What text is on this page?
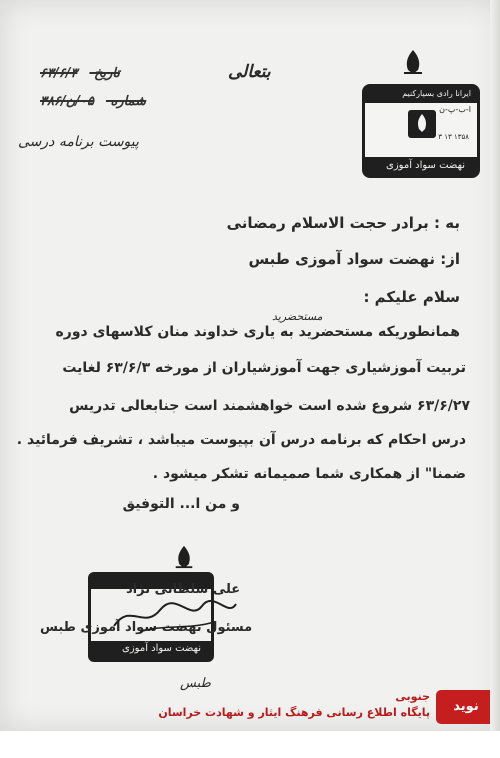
تاریخ ۶۳/۶/۳
شماره ۰۵/ن/۳۸۶
پیوست برنامه درسی
بتعالی
ایرانا رادی بسیارکنیم
ا-ب-پ-ن
۱۳۵۸ ۱۳ ۳
نهضت سواد آموزی
به : برادر حجت الاسلام رمضانی
از: نهضت سواد آموزی طبس
سلام علیکم :
مستحضرید
همانطوریکه مستحضرید به یاری خداوند منان کلاسهای دوره
تربیت آموزشیاری جهت آموزشیاران از مورخه ۶۳/۶/۳ لغایت
۶۳/۶/۲۷ شروع شده است خواهشمند است جنابعالی تدریس
درس احکام که برنامه درس آن بپیوست میباشد ، تشریف فرمائید .
ضمنا" از همکاری شما صمیمانه تشکر میشود .
و من ا... التوفیق
نهضت سواد آموزی
علی سلطانی نژاد
مسئول نهضت سواد آموزی طبس
طبس
جنوبی
پایگاه اطلاع رسانی فرهنگ ایثار و شهادت خراسان	نوید شاهد
